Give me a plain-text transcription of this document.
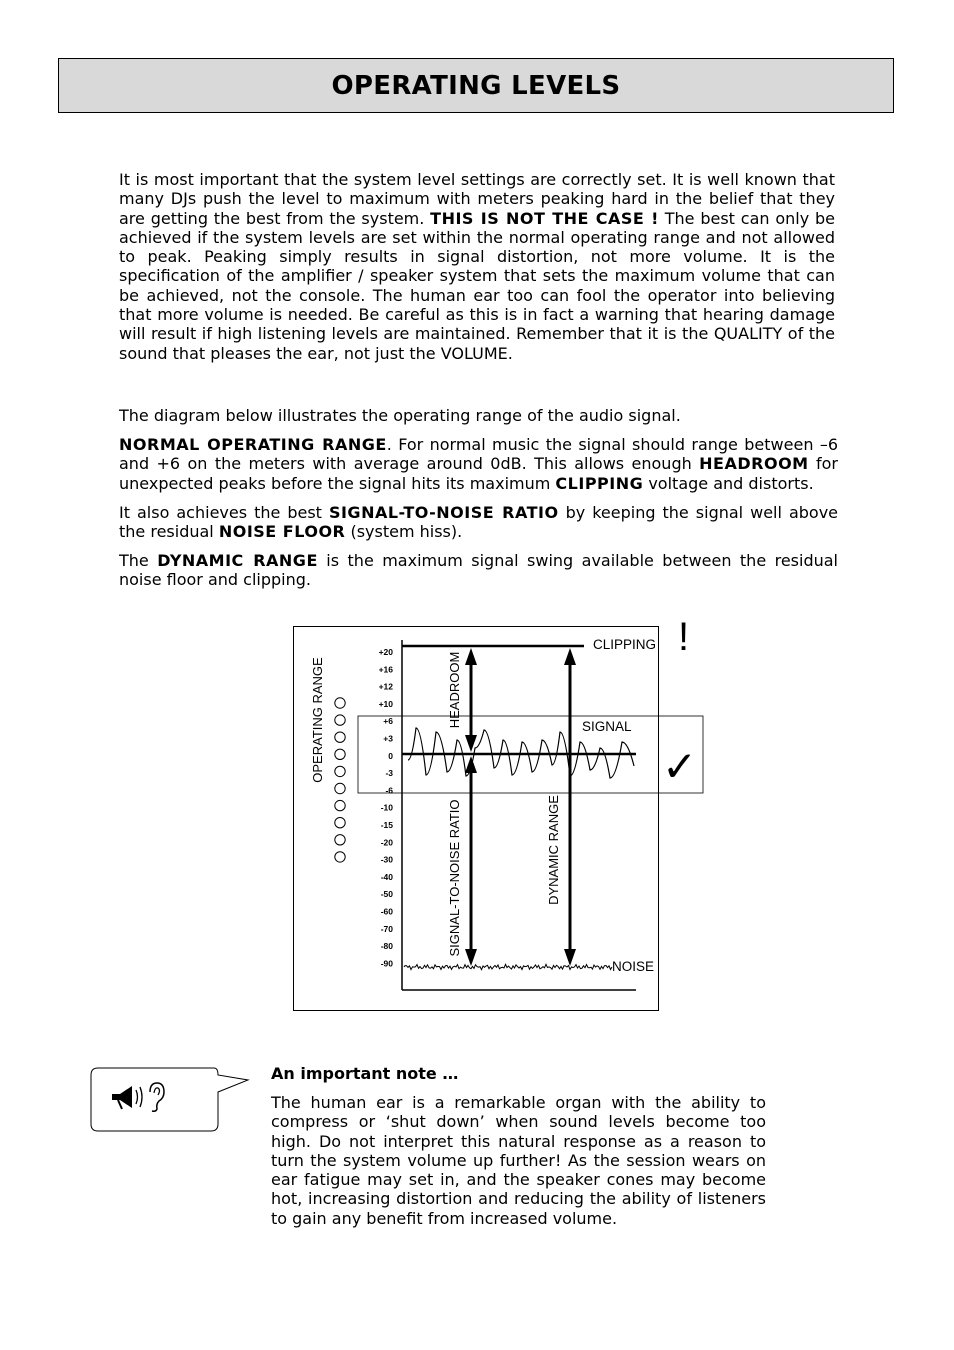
OPERATING LEVELS

It is most important that the system level settings are correctly set. It is well known that many DJs push the level to maximum with meters peaking hard in the belief that they are getting the best from the system. THIS IS NOT THE CASE ! The best can only be achieved if the system levels are set within the normal operating range and not allowed to peak. Peaking simply results in signal distortion, not more volume. It is the specification of the amplifier / speaker system that sets the maximum volume that can be achieved, not the console. The human ear too can fool the operator into believing that more volume is needed. Be careful as this is in fact a warning that hearing damage will result if high listening levels are maintained. Remember that it is the QUALITY of the sound that pleases the ear, not just the VOLUME.

The diagram below illustrates the operating range of the audio signal.

NORMAL OPERATING RANGE. For normal music the signal should range between –6 and +6 on the meters with average around 0dB. This allows enough HEADROOM for unexpected peaks before the signal hits its maximum CLIPPING voltage and distorts.

It also achieves the best SIGNAL-TO-NOISE RATIO by keeping the signal well above the residual NOISE FLOOR (system hiss).

The DYNAMIC RANGE is the maximum signal swing available between the residual noise floor and clipping.

+20
+16
+12
+10
+6
+3
0
-3
-6
-10
-15
-20
-30
-40
-50
-60
-70
-80
-90
OPERATING RANGE	HEADROOM
SIGNAL-TO-NOISE RATIO	DYNAMIC RANGE
CLIPPING
SIGNAL
NOISE
!
✓

An important note …

The human ear is a remarkable organ with the ability to compress or ‘shut down’ when sound levels become too high. Do not interpret this natural response as a reason to turn the system volume up further! As the session wears on ear fatigue may set in, and the speaker cones may become hot, increasing distortion and reducing the ability of listeners to gain any benefit from increased volume.
